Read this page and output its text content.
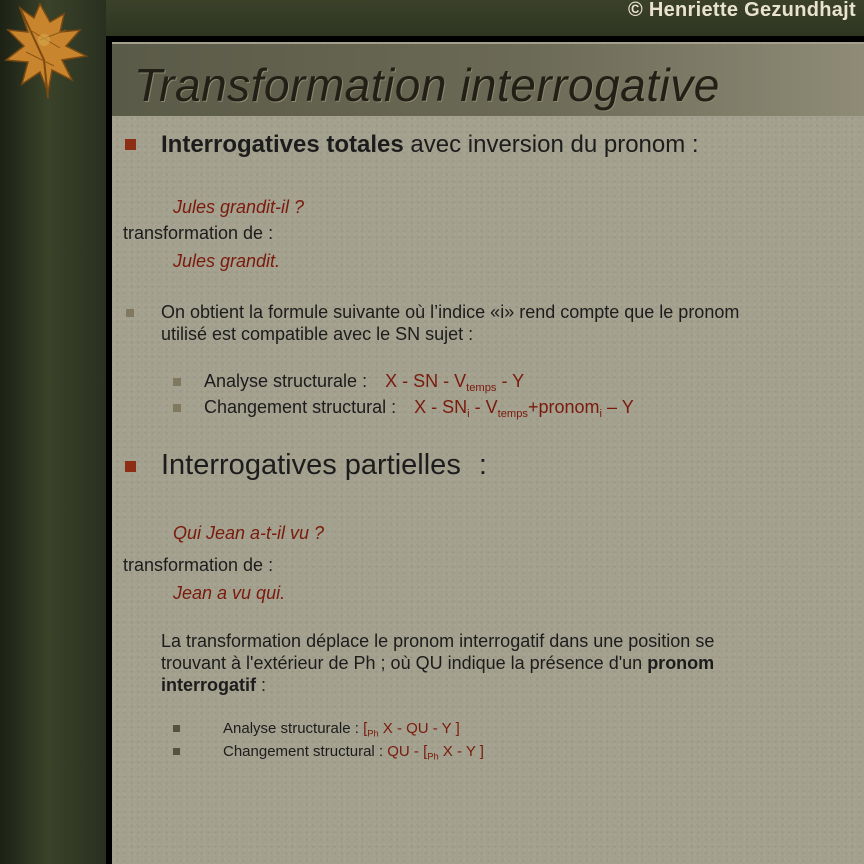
© Henriette Gezundhajt
Transformation interrogative
Interrogatives totales avec inversion du pronom :
Jules grandit-il ?
transformation de :
Jules grandit.
On obtient la formule suivante où l’indice «i» rend compte que le pronom
utilisé est compatible avec le SN sujet :
Analyse structurale : X - SN - $V_{temps}$ - Y
Changement structural : X - $SN_i$ - $V_{temps}+pronom_i - Y$
Interrogatives partielles :
Qui Jean a-t-il vu ?
transformation de :
Jean a vu qui.
La transformation déplace le pronom interrogatif dans une position se
trouvant à l'extérieur de Ph ; où QU indique la présence d'un pronom
interrogatif :
Analyse structurale : [$_{Ph}$ X - QU - Y ]
Changement structural : QU - [$_{Ph}$ X - Y ]
